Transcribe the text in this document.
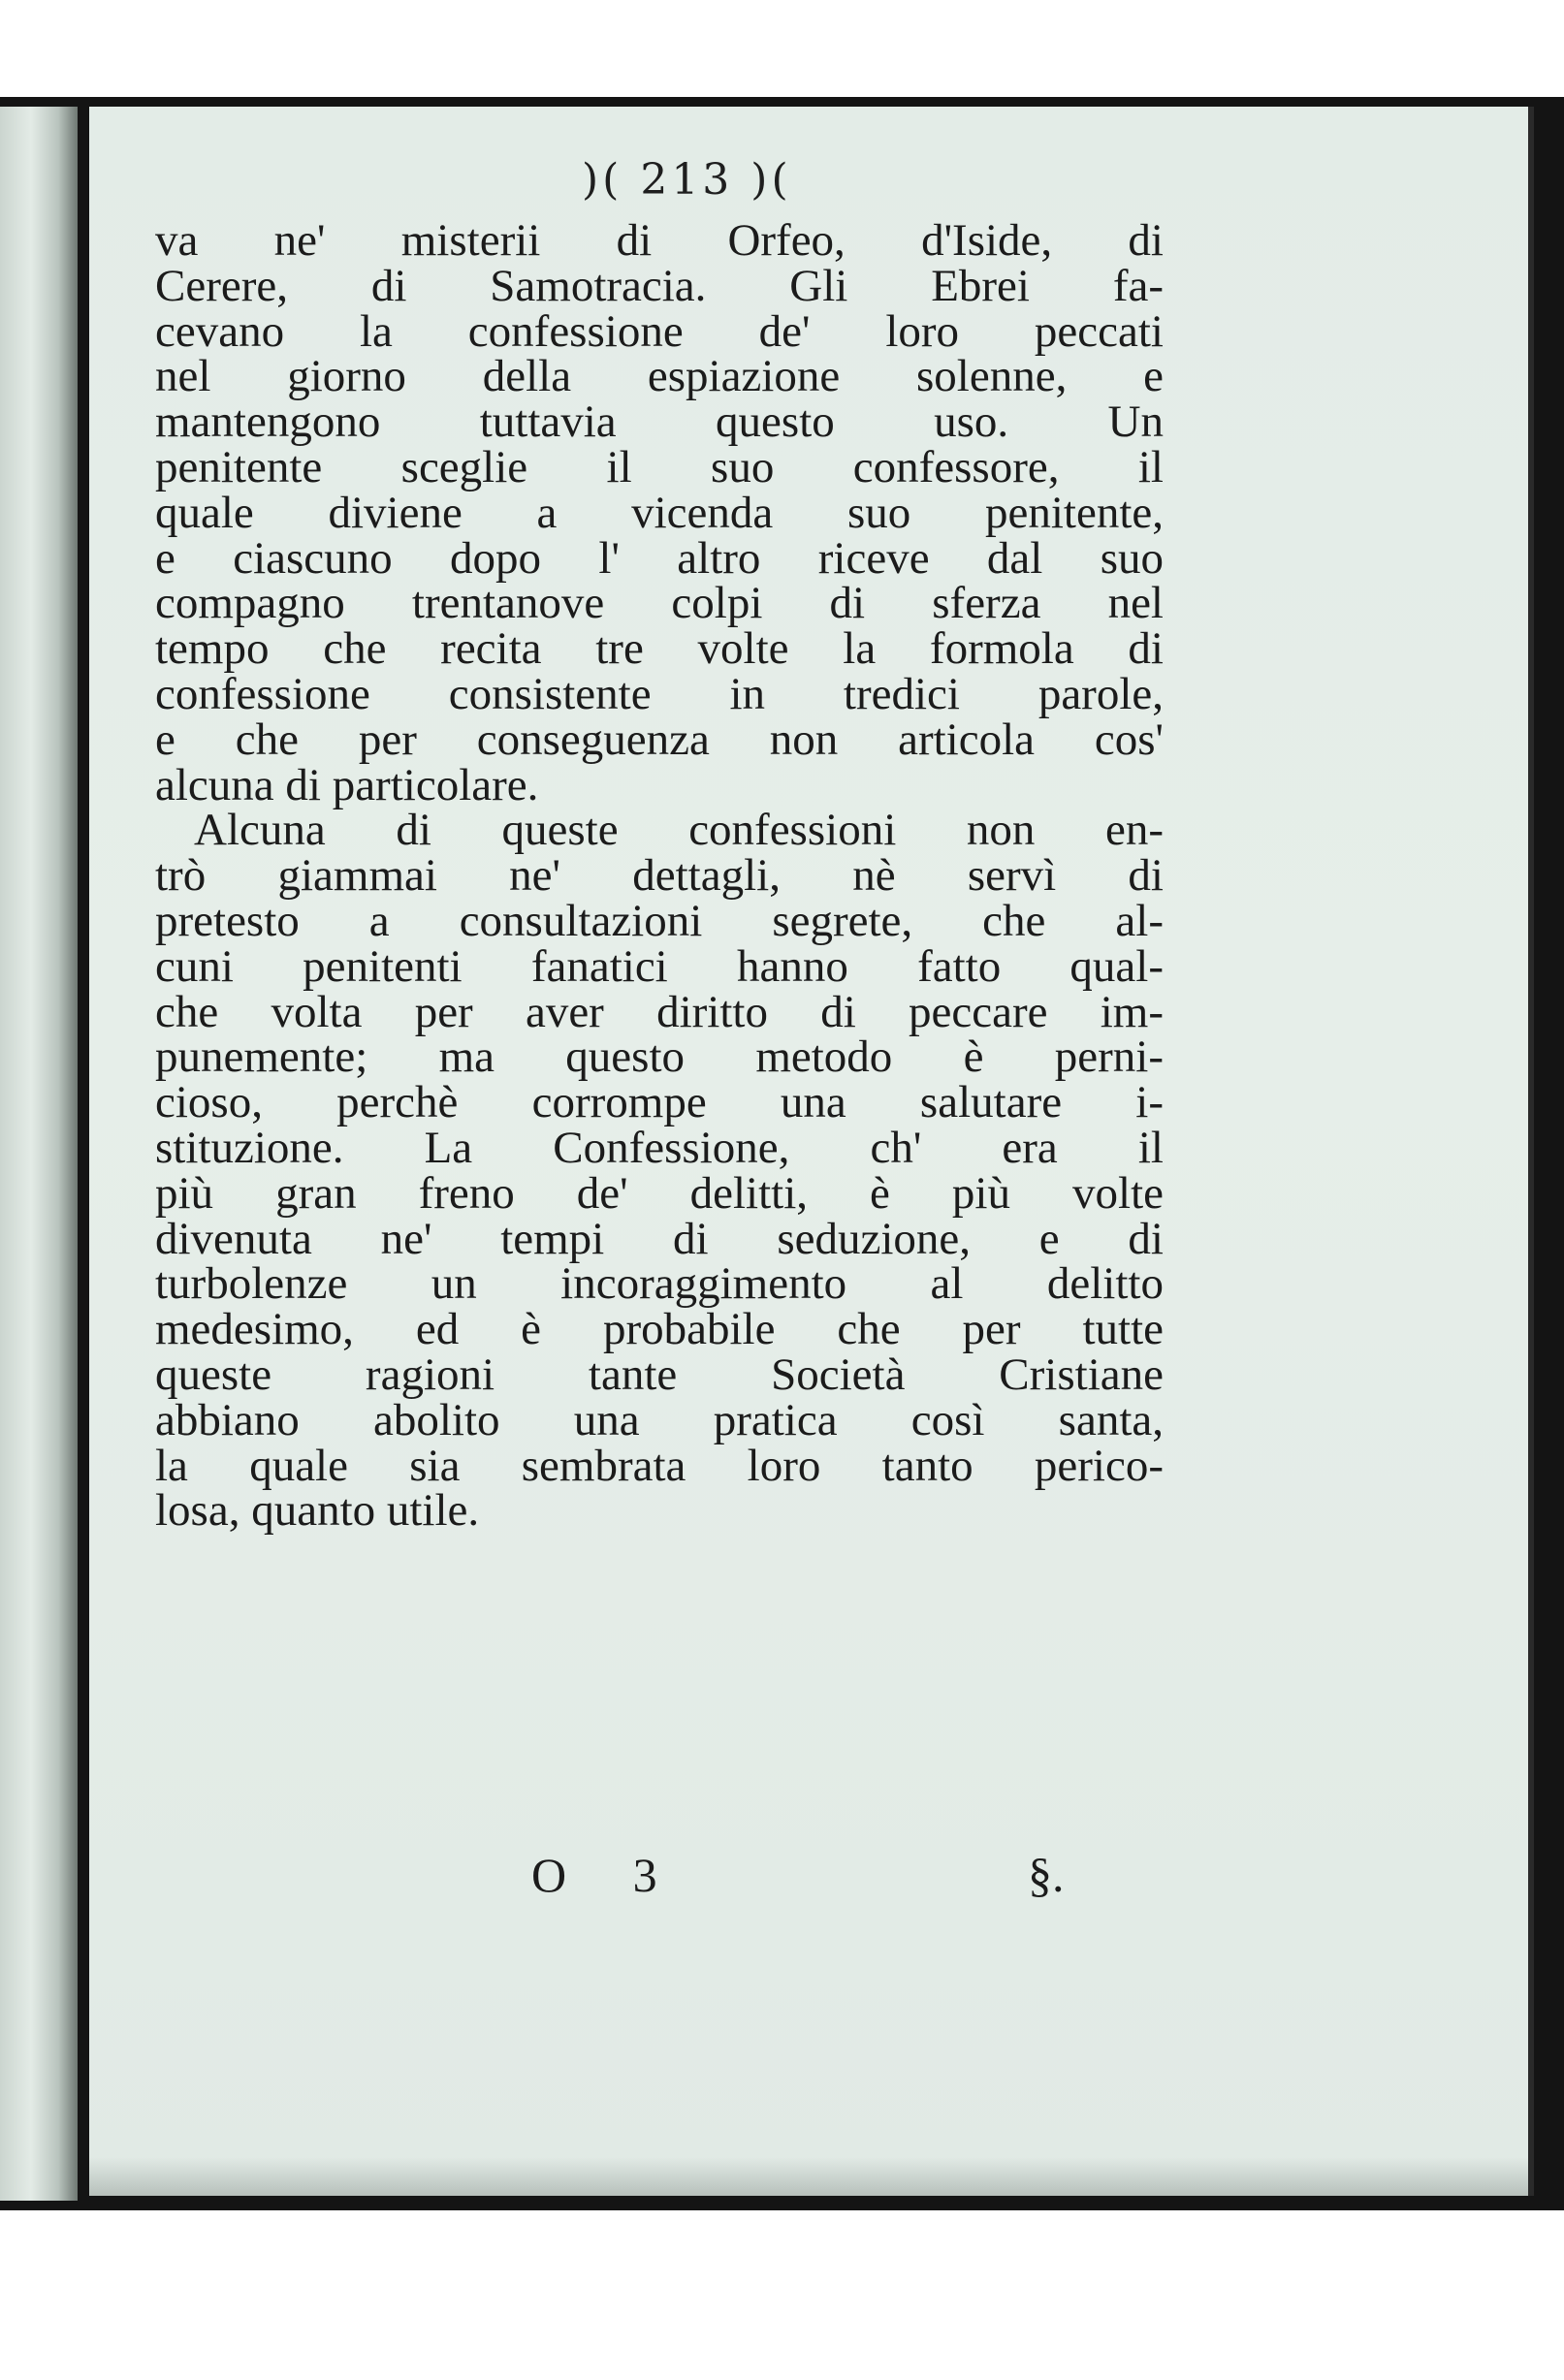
)( 213 )(
va ne' misterii di Orfeo, d'Iside, di
Cerere, di Samotracia. Gli Ebrei fa-
cevano la confessione de' loro peccati
nel giorno della espiazione solenne, e
mantengono tuttavia questo uso. Un
penitente sceglie il suo confessore, il
quale diviene a vicenda suo penitente,
e ciascuno dopo l' altro riceve dal suo
compagno trentanove colpi di sferza nel
tempo che recita tre volte la formola di
confessione consistente in tredici parole,
e che per conseguenza non articola cos'
alcuna di particolare.
Alcuna di queste confessioni non en-
trò giammai ne' dettagli, nè servì di
pretesto a consultazioni segrete, che al-
cuni penitenti fanatici hanno fatto qual-
che volta per aver diritto di peccare im-
punemente; ma questo metodo è perni-
cioso, perchè corrompe una salutare i-
stituzione. La Confessione, ch' era il
più gran freno de' delitti, è più volte
divenuta ne' tempi di seduzione, e di
turbolenze un incoraggimento al delitto
medesimo, ed è probabile che per tutte
queste ragioni tante Società Cristiane
abbiano abolito una pratica così santa,
la quale sia sembrata loro tanto perico-
losa, quanto utile.
O 3	§.
